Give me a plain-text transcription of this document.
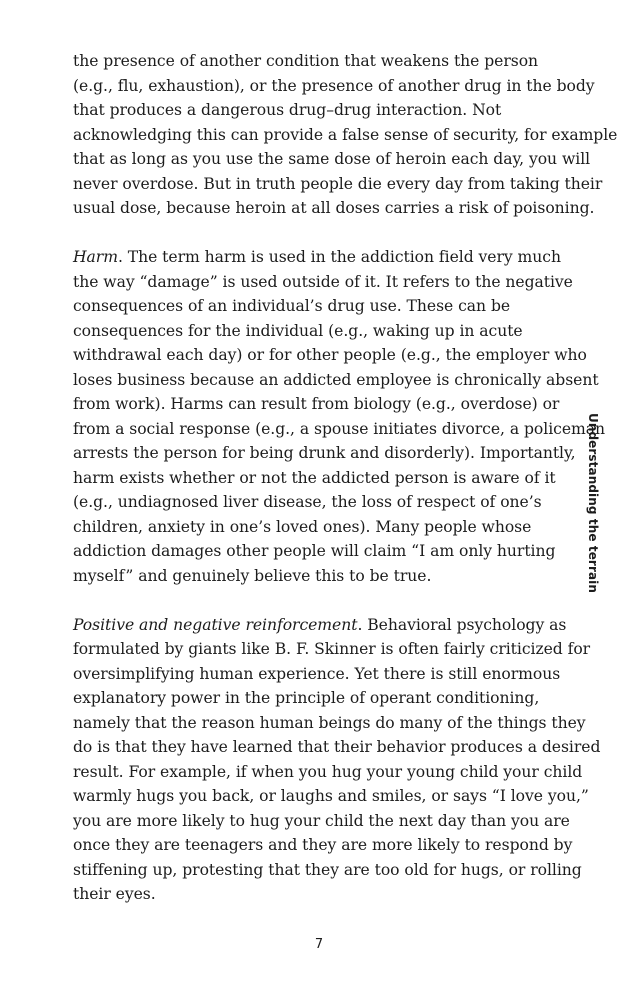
the presence of another condition that weakens the person
(e.g., flu, exhaustion), or the presence of another drug in the body
that produces a dangerous drug–drug interaction. Not
acknowledging this can provide a false sense of security, for example
that as long as you use the same dose of heroin each day, you will
never overdose. But in truth people die every day from taking their
usual dose, because heroin at all doses carries a risk of poisoning.

Harm. The term harm is used in the addiction field very much
the way “damage” is used outside of it. It refers to the negative
consequences of an individual’s drug use. These can be
consequences for the individual (e.g., waking up in acute
withdrawal each day) or for other people (e.g., the employer who
loses business because an addicted employee is chronically absent
from work). Harms can result from biology (e.g., overdose) or
from a social response (e.g., a spouse initiates divorce, a policeman
arrests the person for being drunk and disorderly). Importantly,
harm exists whether or not the addicted person is aware of it
(e.g., undiagnosed liver disease, the loss of respect of one’s
children, anxiety in one’s loved ones). Many people whose
addiction damages other people will claim “I am only hurting
myself” and genuinely believe this to be true.

Positive and negative reinforcement. Behavioral psychology as
formulated by giants like B. F. Skinner is often fairly criticized for
oversimplifying human experience. Yet there is still enormous
explanatory power in the principle of operant conditioning,
namely that the reason human beings do many of the things they
do is that they have learned that their behavior produces a desired
result. For example, if when you hug your young child your child
warmly hugs you back, or laughs and smiles, or says “I love you,”
you are more likely to hug your child the next day than you are
once they are teenagers and they are more likely to respond by
stiffening up, protesting that they are too old for hugs, or rolling
their eyes.

Understanding the terrain
7
